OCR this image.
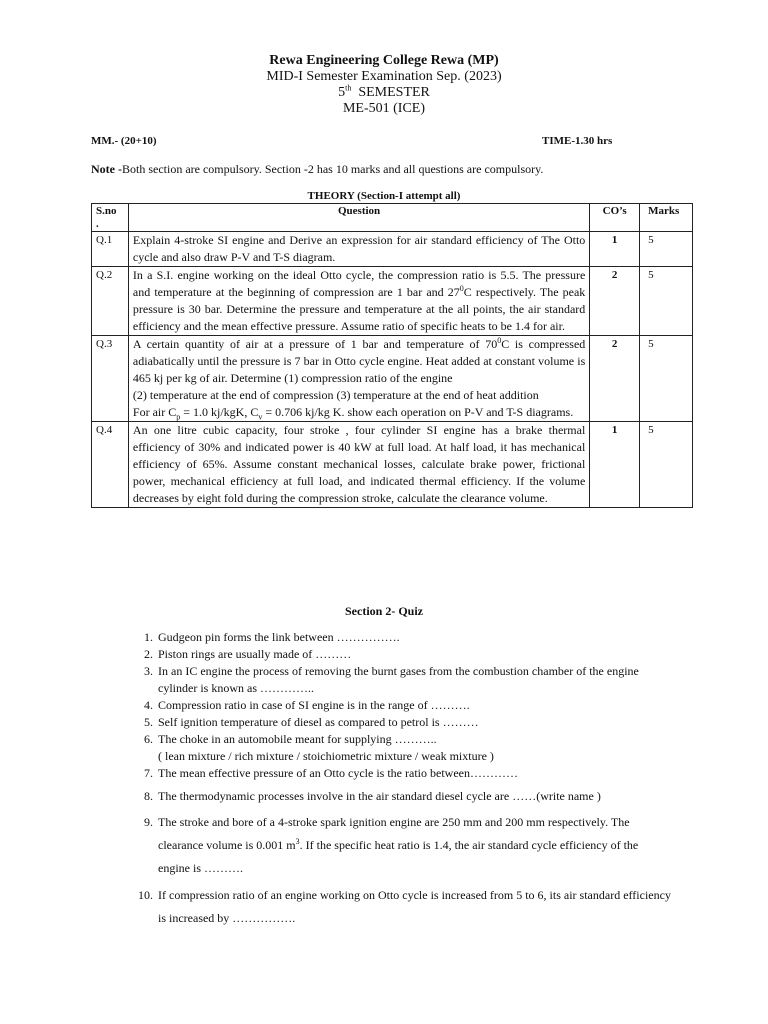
Rewa Engineering College Rewa (MP)
MID-I Semester Examination Sep. (2023)
5th SEMESTER
ME-501 (ICE)
MM.- (20+10)	TIME-1.30 hrs
Note -Both section are compulsory. Section -2 has 10 marks and all questions are compulsory.
THEORY (Section-I attempt all)
S.no
.	Question	CO’s	Marks
Q.1	Explain 4-stroke SI engine and Derive an expression for air standard efficiency of The Otto cycle and also draw P-V and T-S diagram.	1	5
Q.2	In a S.I. engine working on the ideal Otto cycle, the compression ratio is 5.5. The pressure and temperature at the beginning of compression are 1 bar and $27^0C$ respectively. The peak pressure is 30 bar. Determine the pressure and temperature at the all points, the air standard efficiency and the mean effective pressure. Assume ratio of specific heats to be 1.4 for air.	2	5
Q.3	A certain quantity of air at a pressure of 1 bar and temperature of $70^0C$ is compressed adiabatically until the pressure is 7 bar in Otto cycle engine. Heat added at constant volume is 465 kj per kg of air. Determine (1) compression ratio of the engine
(2) temperature at the end of compression (3) temperature at the end of heat addition
For air $C_p = 1.0$ kj/kgK, $C_v = 0.706$ kj/kg K. show each operation on P-V and T-S diagrams.	2	5
Q.4	An one litre cubic capacity, four stroke , four cylinder SI engine has a brake thermal efficiency of 30% and indicated power is 40 kW at full load. At half load, it has mechanical efficiency of 65%. Assume constant mechanical losses, calculate brake power, frictional power, mechanical efficiency at full load, and indicated thermal efficiency. If the volume decreases by eight fold during the compression stroke, calculate the clearance volume.	1	5
Section 2- Quiz
1. Gudgeon pin forms the link between …………….
2. Piston rings are usually made of ………
3. In an IC engine the process of removing the burnt gases from the combustion chamber of the engine cylinder is known as …………..
4. Compression ratio in case of SI engine is in the range of ……….
5. Self ignition temperature of diesel as compared to petrol is ………
6. The choke in an automobile meant for supplying ………..
( lean mixture / rich mixture / stoichiometric mixture / weak mixture )
7. The mean effective pressure of an Otto cycle is the ratio between…………
8. The thermodynamic processes involve in the air standard diesel cycle are ……(write name )
9. The stroke and bore of a 4-stroke spark ignition engine are 250 mm and 200 mm respectively. The clearance volume is 0.001 $m^3$. If the specific heat ratio is 1.4, the air standard cycle efficiency of the engine is ……….
10. If compression ratio of an engine working on Otto cycle is increased from 5 to 6, its air standard efficiency is increased by …………….
